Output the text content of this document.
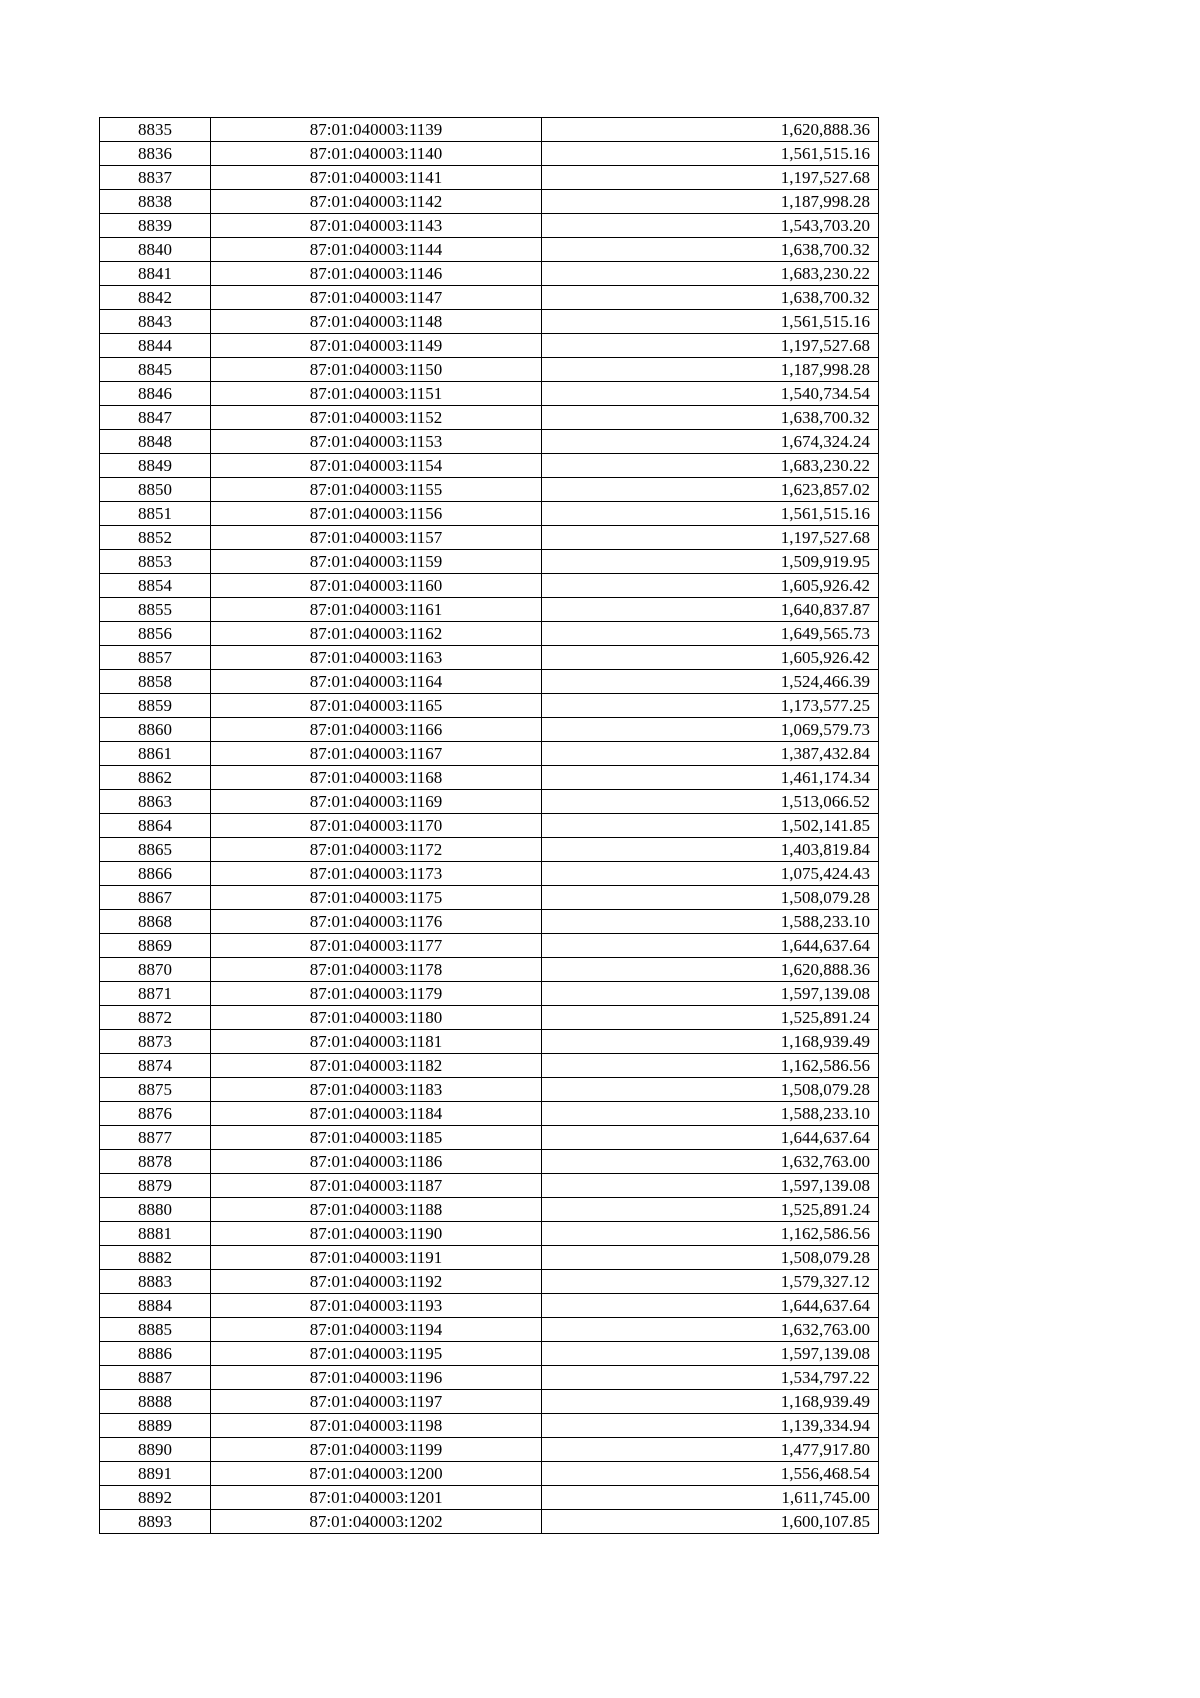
8835	87:01:040003:1139	1,620,888.36
8836	87:01:040003:1140	1,561,515.16
8837	87:01:040003:1141	1,197,527.68
8838	87:01:040003:1142	1,187,998.28
8839	87:01:040003:1143	1,543,703.20
8840	87:01:040003:1144	1,638,700.32
8841	87:01:040003:1146	1,683,230.22
8842	87:01:040003:1147	1,638,700.32
8843	87:01:040003:1148	1,561,515.16
8844	87:01:040003:1149	1,197,527.68
8845	87:01:040003:1150	1,187,998.28
8846	87:01:040003:1151	1,540,734.54
8847	87:01:040003:1152	1,638,700.32
8848	87:01:040003:1153	1,674,324.24
8849	87:01:040003:1154	1,683,230.22
8850	87:01:040003:1155	1,623,857.02
8851	87:01:040003:1156	1,561,515.16
8852	87:01:040003:1157	1,197,527.68
8853	87:01:040003:1159	1,509,919.95
8854	87:01:040003:1160	1,605,926.42
8855	87:01:040003:1161	1,640,837.87
8856	87:01:040003:1162	1,649,565.73
8857	87:01:040003:1163	1,605,926.42
8858	87:01:040003:1164	1,524,466.39
8859	87:01:040003:1165	1,173,577.25
8860	87:01:040003:1166	1,069,579.73
8861	87:01:040003:1167	1,387,432.84
8862	87:01:040003:1168	1,461,174.34
8863	87:01:040003:1169	1,513,066.52
8864	87:01:040003:1170	1,502,141.85
8865	87:01:040003:1172	1,403,819.84
8866	87:01:040003:1173	1,075,424.43
8867	87:01:040003:1175	1,508,079.28
8868	87:01:040003:1176	1,588,233.10
8869	87:01:040003:1177	1,644,637.64
8870	87:01:040003:1178	1,620,888.36
8871	87:01:040003:1179	1,597,139.08
8872	87:01:040003:1180	1,525,891.24
8873	87:01:040003:1181	1,168,939.49
8874	87:01:040003:1182	1,162,586.56
8875	87:01:040003:1183	1,508,079.28
8876	87:01:040003:1184	1,588,233.10
8877	87:01:040003:1185	1,644,637.64
8878	87:01:040003:1186	1,632,763.00
8879	87:01:040003:1187	1,597,139.08
8880	87:01:040003:1188	1,525,891.24
8881	87:01:040003:1190	1,162,586.56
8882	87:01:040003:1191	1,508,079.28
8883	87:01:040003:1192	1,579,327.12
8884	87:01:040003:1193	1,644,637.64
8885	87:01:040003:1194	1,632,763.00
8886	87:01:040003:1195	1,597,139.08
8887	87:01:040003:1196	1,534,797.22
8888	87:01:040003:1197	1,168,939.49
8889	87:01:040003:1198	1,139,334.94
8890	87:01:040003:1199	1,477,917.80
8891	87:01:040003:1200	1,556,468.54
8892	87:01:040003:1201	1,611,745.00
8893	87:01:040003:1202	1,600,107.85
